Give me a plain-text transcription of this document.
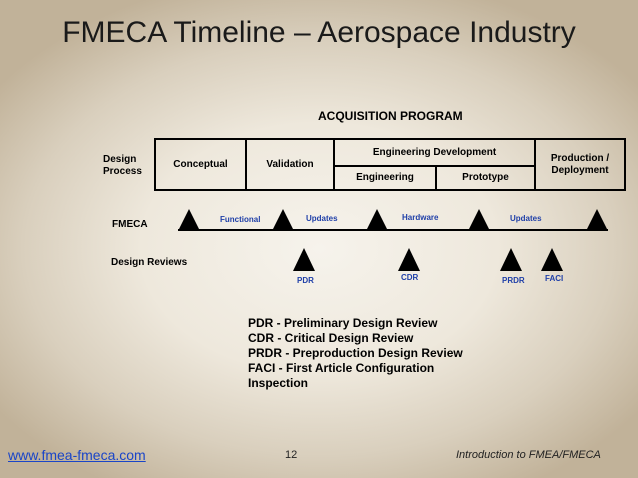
FMECA Timeline – Aerospace Industry
ACQUISITION PROGRAM
Design Process
FMECA
Design Reviews
Conceptual	Validation
Engineering Development
Engineering	Prototype
Production / Deployment
Functional	Updates	Hardware	Updates
PDR	CDR	PRDR	FACI
PDR - Preliminary Design Review
CDR - Critical Design Review
PRDR - Preproduction Design Review
FACI - First Article Configuration
Inspection
www.fmea-fmeca.com	12	Introduction to FMEA/FMECA
